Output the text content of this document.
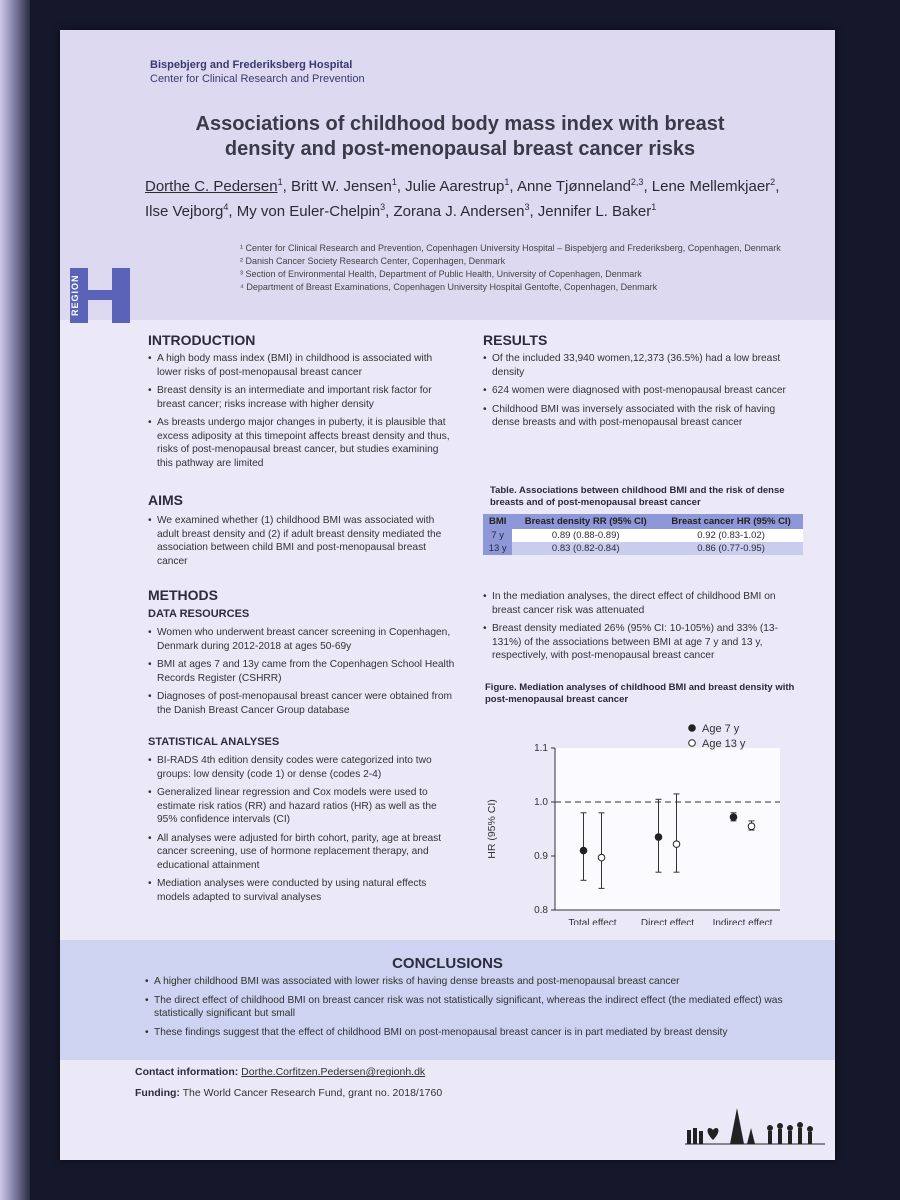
Bispebjerg and Frederiksberg Hospital
Center for Clinical Research and Prevention
Associations of childhood body mass index with breast
density and post-menopausal breast cancer risks
Dorthe C. Pedersen$^1$, Britt W. Jensen$^1$, Julie Aarestrup$^1$, Anne Tjønneland$^{2,3}$, Lene Mellemkjaer$^2$, Ilse Vejborg$^4$, My von Euler-Chelpin$^3$, Zorana J. Andersen$^3$, Jennifer L. Baker$^1$
¹ Center for Clinical Research and Prevention, Copenhagen University Hospital – Bispebjerg and Frederiksberg, Copenhagen, Denmark
² Danish Cancer Society Research Center, Copenhagen, Denmark
³ Section of Environmental Health, Department of Public Health, University of Copenhagen, Denmark
⁴ Department of Breast Examinations, Copenhagen University Hospital Gentofte, Copenhagen, Denmark
REGION
INTRODUCTION
• A high body mass index (BMI) in childhood is associated with lower risks of post-menopausal breast cancer
• Breast density is an intermediate and important risk factor for breast cancer; risks increase with higher density
• As breasts undergo major changes in puberty, it is plausible that excess adiposity at this timepoint affects breast density and thus, risks of post-menopausal breast cancer, but studies examining this pathway are limited
AIMS
• We examined whether (1) childhood BMI was associated with adult breast density and (2) if adult breast density mediated the association between child BMI and post-menopausal breast cancer
METHODS
DATA RESOURCES
• Women who underwent breast cancer screening in Copenhagen, Denmark during 2012-2018 at ages 50-69y
• BMI at ages 7 and 13y came from the Copenhagen School Health Records Register (CSHRR)
• Diagnoses of post-menopausal breast cancer were obtained from the Danish Breast Cancer Group database
STATISTICAL ANALYSES
• BI-RADS 4th edition density codes were categorized into two groups: low density (code 1) or dense (codes 2-4)
• Generalized linear regression and Cox models were used to estimate risk ratios (RR) and hazard ratios (HR) as well as the 95% confidence intervals (CI)
• All analyses were adjusted for birth cohort, parity, age at breast cancer screening, use of hormone replacement therapy, and educational attainment
• Mediation analyses were conducted by using natural effects models adapted to survival analyses
RESULTS
• Of the included 33,940 women,12,373 (36.5%) had a low breast density
• 624 women were diagnosed with post-menopausal breast cancer
• Childhood BMI was inversely associated with the risk of having dense breasts and with post-menopausal breast cancer
Table. Associations between childhood BMI and the risk of dense breasts and of post-menopausal breast cancer
BMI	Breast density RR (95% CI)	Breast cancer HR (95% CI)
7 y	0.89 (0.88-0.89)	0.92 (0.83-1.02)
13 y	0.83 (0.82-0.84)	0.86 (0.77-0.95)
• In the mediation analyses, the direct effect of childhood BMI on breast cancer risk was attenuated
• Breast density mediated 26% (95% CI: 10-105%) and 33% (13-131%) of the associations between BMI at age 7 y and 13 y, respectively, with post-menopausal breast cancer
Figure. Mediation analyses of childhood BMI and breast density with post-menopausal breast cancer
0.8
0.9
1.0
1.1
HR (95% CI)
Total effect Direct effect Indirect effect
Age 7 y
Age 13 y
CONCLUSIONS
• A higher childhood BMI was associated with lower risks of having dense breasts and post-menopausal breast cancer
• The direct effect of childhood BMI on breast cancer risk was not statistically significant, whereas the indirect effect (the mediated effect) was statistically significant but small
• These findings suggest that the effect of childhood BMI on post-menopausal breast cancer is in part mediated by breast density
Contact information: Dorthe.Corfitzen.Pedersen@regionh.dk
Funding: The World Cancer Research Fund, grant no. 2018/1760
